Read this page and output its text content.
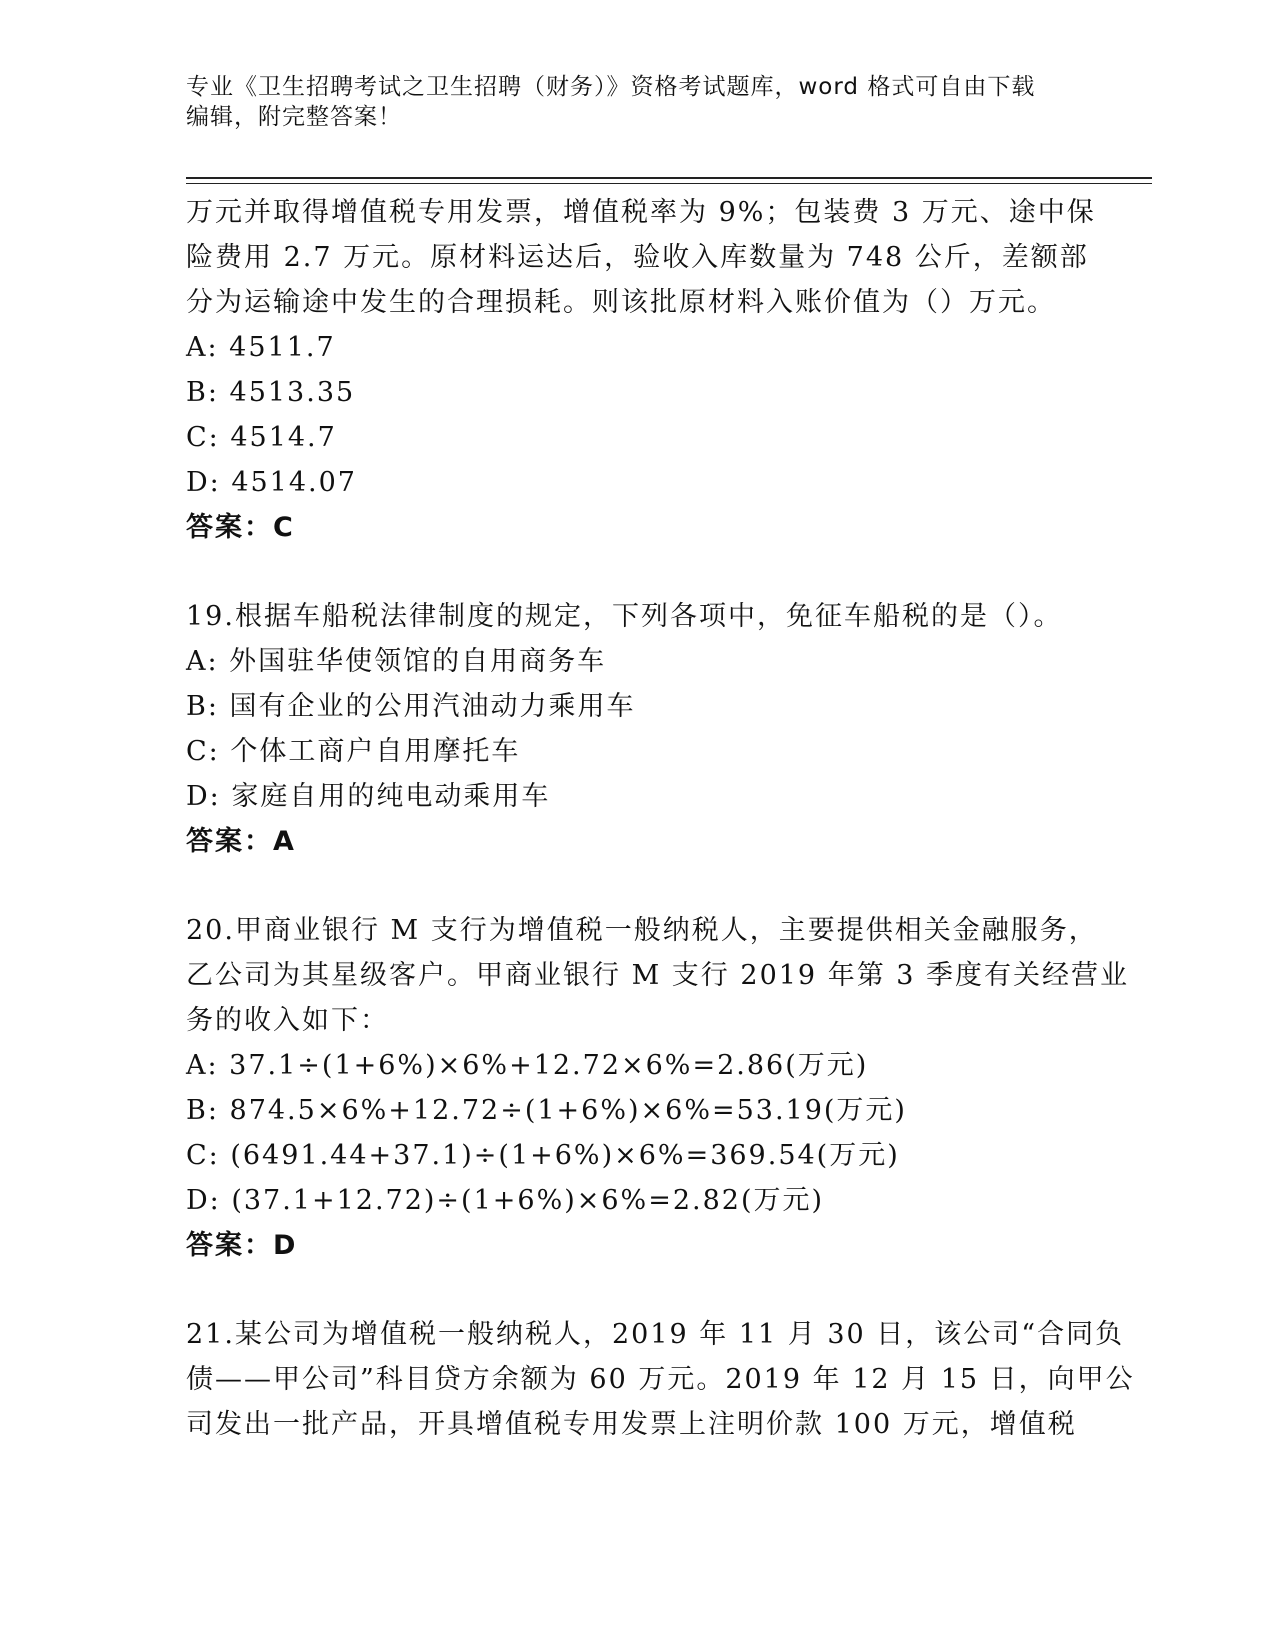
专业《卫生招聘考试之卫生招聘（财务）》资格考试题库，word 格式可自由下载
编辑，附完整答案！
万元并取得增值税专用发票，增值税率为 9%；包装费 3 万元、途中保
险费用 2.7 万元。原材料运达后，验收入库数量为 748 公斤，差额部
分为运输途中发生的合理损耗。则该批原材料入账价值为（）万元。
A: 4511.7
B: 4513.35
C: 4514.7
D: 4514.07
答案：C
19.根据车船税法律制度的规定，下列各项中，免征车船税的是（）。
A: 外国驻华使领馆的自用商务车
B: 国有企业的公用汽油动力乘用车
C: 个体工商户自用摩托车
D: 家庭自用的纯电动乘用车
答案：A
20.甲商业银行 M 支行为增值税一般纳税人，主要提供相关金融服务，
乙公司为其星级客户。甲商业银行 M 支行 2019 年第 3 季度有关经营业
务的收入如下：
A: 37.1÷(1+6%)×6%+12.72×6%=2.86(万元)
B: 874.5×6%+12.72÷(1+6%)×6%=53.19(万元)
C: (6491.44+37.1)÷(1+6%)×6%=369.54(万元)
D: (37.1+12.72)÷(1+6%)×6%=2.82(万元)
答案：D
21.某公司为增值税一般纳税人，2019 年 11 月 30 日，该公司“合同负
债——甲公司”科目贷方余额为 60 万元。2019 年 12 月 15 日，向甲公
司发出一批产品，开具增值税专用发票上注明价款 100 万元，增值税
